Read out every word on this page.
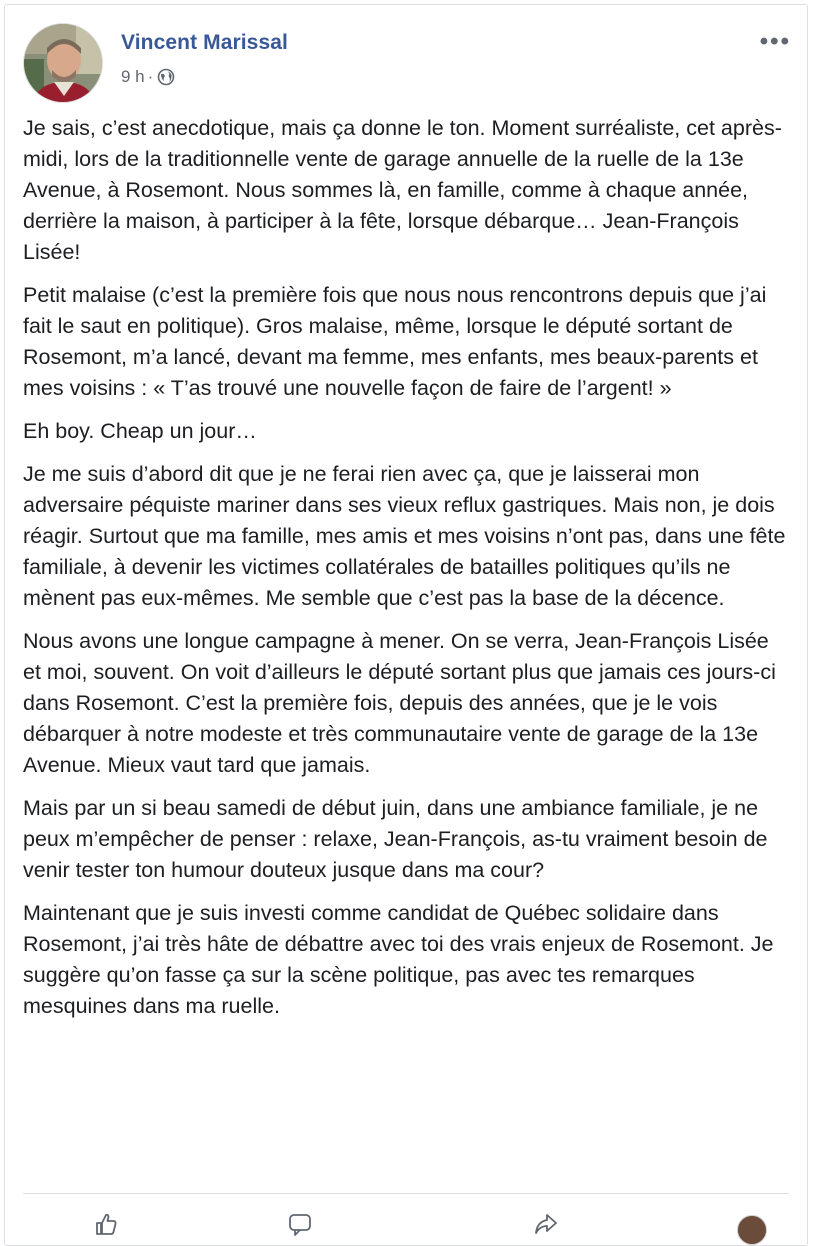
Vincent Marissal
9 h ·
•••

Je sais, c’est anecdotique, mais ça donne le ton. Moment surréaliste, cet après-midi, lors de la traditionnelle vente de garage annuelle de la ruelle de la 13e Avenue, à Rosemont. Nous sommes là, en famille, comme à chaque année, derrière la maison, à participer à la fête, lorsque débarque… Jean-François Lisée!

Petit malaise (c’est la première fois que nous nous rencontrons depuis que j’ai fait le saut en politique). Gros malaise, même, lorsque le député sortant de Rosemont, m’a lancé, devant ma femme, mes enfants, mes beaux-parents et mes voisins : « T’as trouvé une nouvelle façon de faire de l’argent! »

Eh boy. Cheap un jour…

Je me suis d’abord dit que je ne ferai rien avec ça, que je laisserai mon adversaire péquiste mariner dans ses vieux reflux gastriques. Mais non, je dois réagir. Surtout que ma famille, mes amis et mes voisins n’ont pas, dans une fête familiale, à devenir les victimes collatérales de batailles politiques qu’ils ne mènent pas eux-mêmes. Me semble que c’est pas la base de la décence.

Nous avons une longue campagne à mener. On se verra, Jean-François Lisée et moi, souvent. On voit d’ailleurs le député sortant plus que jamais ces jours-ci dans Rosemont. C’est la première fois, depuis des années, que je le vois débarquer à notre modeste et très communautaire vente de garage de la 13e Avenue. Mieux vaut tard que jamais.

Mais par un si beau samedi de début juin, dans une ambiance familiale, je ne peux m’empêcher de penser : relaxe, Jean-François, as-tu vraiment besoin de venir tester ton humour douteux jusque dans ma cour?

Maintenant que je suis investi comme candidat de Québec solidaire dans Rosemont, j’ai très hâte de débattre avec toi des vrais enjeux de Rosemont. Je suggère qu’on fasse ça sur la scène politique, pas avec tes remarques mesquines dans ma ruelle.
